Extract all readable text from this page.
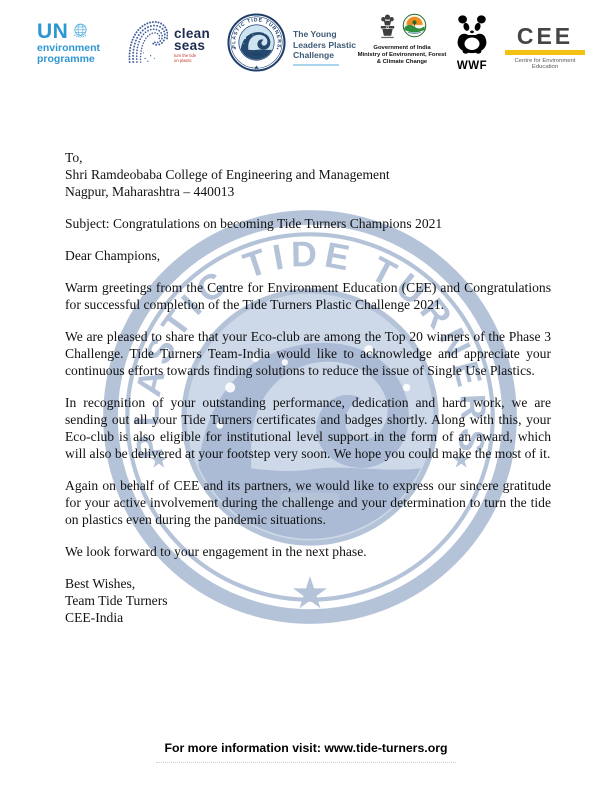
UN
environment
programme
clean
seas
turn the tide
on plastic
The Young
Leaders Plastic
Challenge
Government of India
Ministry of Environment, Forest
& Climate Change	WWF
CEE
Centre for Environment Education
To,
Shri Ramdeobaba College of Engineering and Management
Nagpur, Maharashtra – 440013
Subject: Congratulations on becoming Tide Turners Champions 2021
Dear Champions,

Warm greetings from the Centre for Environment Education (CEE) and Congratulations for successful completion of the Tide Turners Plastic Challenge 2021.

We are pleased to share that your Eco-club are among the Top 20 winners of the Phase 3 Challenge. Tide Turners Team-India would like to acknowledge and appreciate your continuous efforts towards finding solutions to reduce the issue of Single Use Plastics.

In recognition of your outstanding performance, dedication and hard work, we are sending out all your Tide Turners certificates and badges shortly. Along with this, your Eco-club is also eligible for institutional level support in the form of an award, which will also be delivered at your footstep very soon. We hope you could make the most of it.

Again on behalf of CEE and its partners, we would like to express our sincere gratitude for your active involvement during the challenge and your determination to turn the tide on plastics even during the pandemic situations.

We look forward to your engagement in the next phase.
Best Wishes,
Team Tide Turners
CEE-India
For more information visit: www.tide-turners.org
